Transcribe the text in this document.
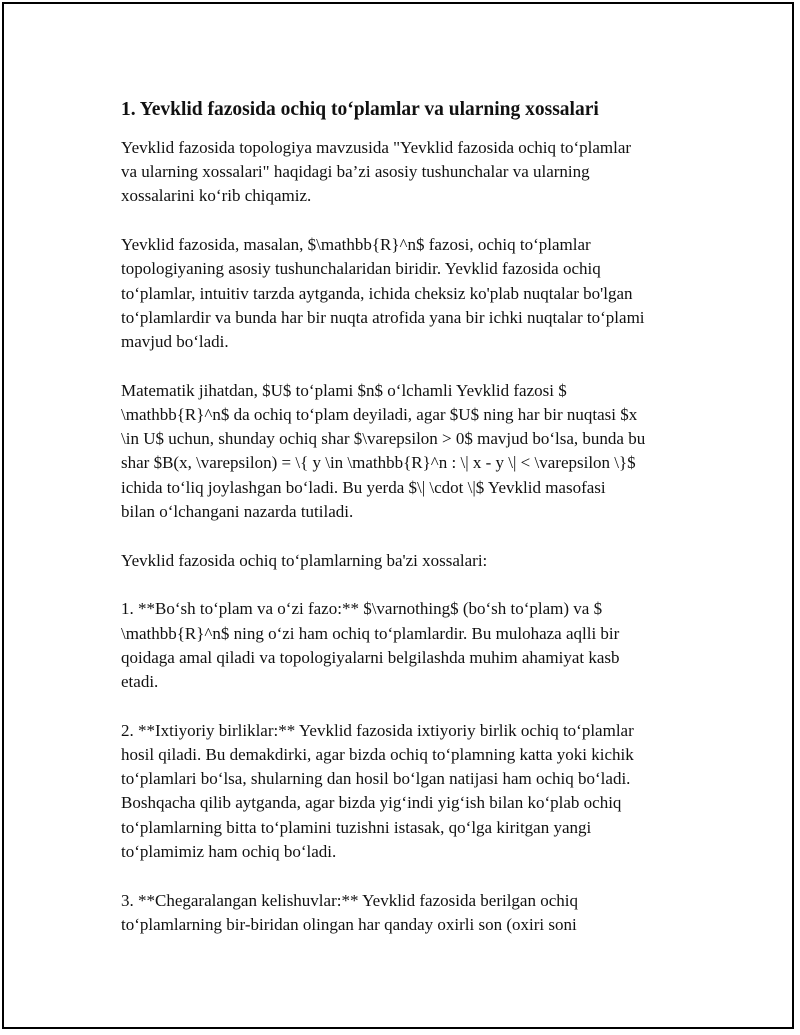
1. Yevklid fazosida ochiq to‘plamlar va ularning xossalari
Yevklid fazosida topologiya mavzusida "Yevklid fazosida ochiq to‘plamlar
va ularning xossalari" haqidagi ba’zi asosiy tushunchalar va ularning
xossalarini ko‘rib chiqamiz.
Yevklid fazosida, masalan, $\mathbb{R}^n$ fazosi, ochiq to‘plamlar
topologiyaning asosiy tushunchalaridan biridir. Yevklid fazosida ochiq
to‘plamlar, intuitiv tarzda aytganda, ichida cheksiz ko'plab nuqtalar bo'lgan
to‘plamlardir va bunda har bir nuqta atrofida yana bir ichki nuqtalar to‘plami
mavjud bo‘ladi.
Matematik jihatdan, $U$ to‘plami $n$ o‘lchamli Yevklid fazosi $
\mathbb{R}^n$ da ochiq to‘plam deyiladi, agar $U$ ning har bir nuqtasi $x
\in U$ uchun, shunday ochiq shar $\varepsilon > 0$ mavjud bo‘lsa, bunda bu
shar $B(x, \varepsilon) = \{ y \in \mathbb{R}^n : \| x - y \| < \varepsilon \}$
ichida to‘liq joylashgan bo‘ladi. Bu yerda $\| \cdot \|$ Yevklid masofasi
bilan o‘lchangani nazarda tutiladi.
Yevklid fazosida ochiq to‘plamlarning ba'zi xossalari:
1. **Bo‘sh to‘plam va o‘zi fazo:** $\varnothing$ (bo‘sh to‘plam) va $
\mathbb{R}^n$ ning o‘zi ham ochiq to‘plamlardir. Bu mulohaza aqlli bir
qoidaga amal qiladi va topologiyalarni belgilashda muhim ahamiyat kasb
etadi.
2. **Ixtiyoriy birliklar:** Yevklid fazosida ixtiyoriy birlik ochiq to‘plamlar
hosil qiladi. Bu demakdirki, agar bizda ochiq to‘plamning katta yoki kichik
to‘plamlari bo‘lsa, shularning dan hosil bo‘lgan natijasi ham ochiq bo‘ladi.
Boshqacha qilib aytganda, agar bizda yig‘indi yig‘ish bilan ko‘plab ochiq
to‘plamlarning bitta to‘plamini tuzishni istasak, qo‘lga kiritgan yangi
to‘plamimiz ham ochiq bo‘ladi.
3. **Chegaralangan kelishuvlar:** Yevklid fazosida berilgan ochiq
to‘plamlarning bir-biridan olingan har qanday oxirli son (oxiri soni
